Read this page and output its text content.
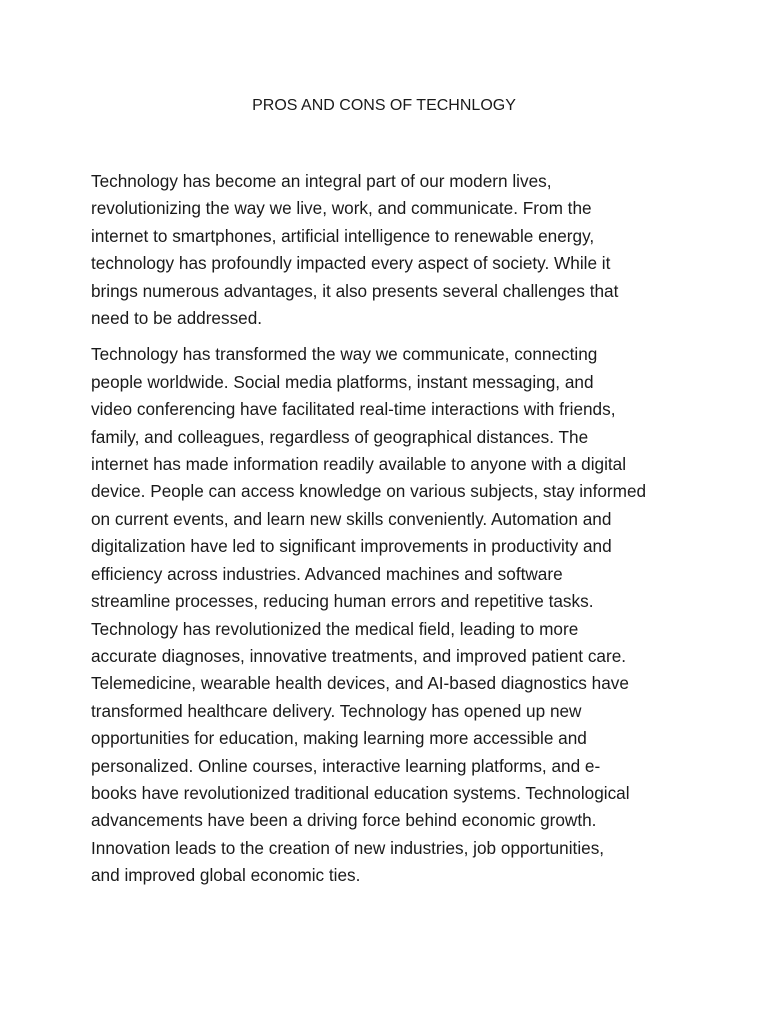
PROS AND CONS OF TECHNLOGY

Technology has become an integral part of our modern lives,
revolutionizing the way we live, work, and communicate. From the
internet to smartphones, artificial intelligence to renewable energy,
technology has profoundly impacted every aspect of society. While it
brings numerous advantages, it also presents several challenges that
need to be addressed.

Technology has transformed the way we communicate, connecting
people worldwide. Social media platforms, instant messaging, and
video conferencing have facilitated real-time interactions with friends,
family, and colleagues, regardless of geographical distances. The
internet has made information readily available to anyone with a digital
device. People can access knowledge on various subjects, stay informed
on current events, and learn new skills conveniently. Automation and
digitalization have led to significant improvements in productivity and
efficiency across industries. Advanced machines and software
streamline processes, reducing human errors and repetitive tasks.
Technology has revolutionized the medical field, leading to more
accurate diagnoses, innovative treatments, and improved patient care.
Telemedicine, wearable health devices, and AI-based diagnostics have
transformed healthcare delivery. Technology has opened up new
opportunities for education, making learning more accessible and
personalized. Online courses, interactive learning platforms, and e-
books have revolutionized traditional education systems. Technological
advancements have been a driving force behind economic growth.
Innovation leads to the creation of new industries, job opportunities,
and improved global economic ties.
